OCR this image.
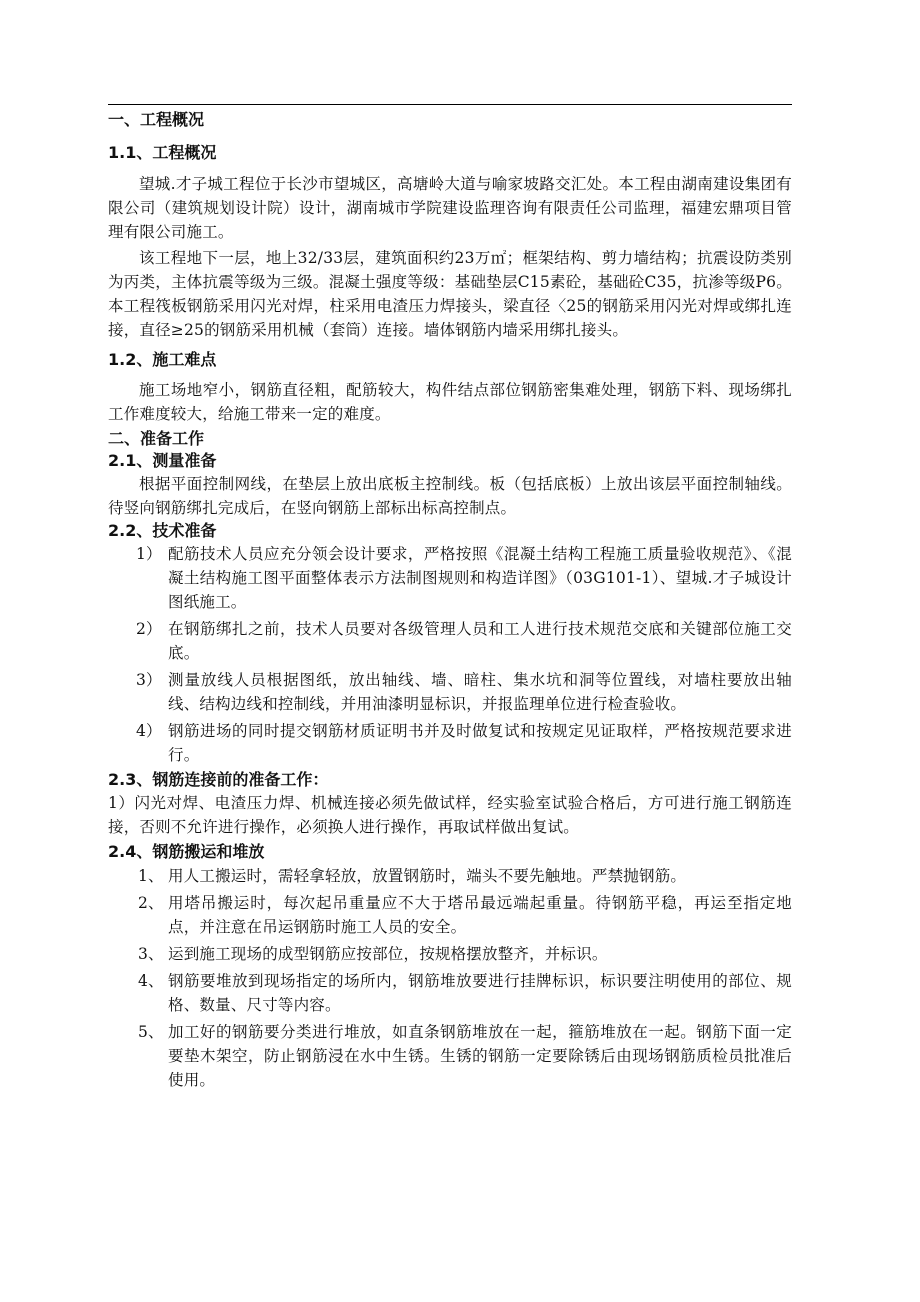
一、工程概况
1.1、工程概况

望城.才子城工程位于长沙市望城区，高塘岭大道与喻家坡路交汇处。本工程由湖南建设集团有限公司（建筑规划设计院）设计，湖南城市学院建设监理咨询有限责任公司监理，福建宏鼎项目管理有限公司施工。

该工程地下一层，地上32/33层，建筑面积约23万㎡；框架结构、剪力墙结构；抗震设防类别为丙类，主体抗震等级为三级。混凝土强度等级：基础垫层C15素砼，基础砼C35，抗渗等级P6。本工程筏板钢筋采用闪光对焊，柱采用电渣压力焊接头，梁直径〈25的钢筋采用闪光对焊或绑扎连接，直径≥25的钢筋采用机械（套筒）连接。墙体钢筋内墙采用绑扎接头。

1.2、施工难点

施工场地窄小，钢筋直径粗，配筋较大，构件结点部位钢筋密集难处理，钢筋下料、现场绑扎工作难度较大，给施工带来一定的难度。

二、准备工作
2.1、测量准备

根据平面控制网线，在垫层上放出底板主控制线。板（包括底板）上放出该层平面控制轴线。待竖向钢筋绑扎完成后，在竖向钢筋上部标出标高控制点。

2.2、技术准备
1） 配筋技术人员应充分领会设计要求，严格按照《混凝土结构工程施工质量验收规范》、《混凝土结构施工图平面整体表示方法制图规则和构造详图》（03G101-1）、望城.才子城设计图纸施工。
2） 在钢筋绑扎之前，技术人员要对各级管理人员和工人进行技术规范交底和关键部位施工交底。
3） 测量放线人员根据图纸，放出轴线、墙、暗柱、集水坑和洞等位置线，对墙柱要放出轴线、结构边线和控制线，并用油漆明显标识，并报监理单位进行检查验收。
4） 钢筋进场的同时提交钢筋材质证明书并及时做复试和按规定见证取样，严格按规范要求进行。
2.3、钢筋连接前的准备工作：

1）闪光对焊、电渣压力焊、机械连接必须先做试样，经实验室试验合格后，方可进行施工钢筋连接，否则不允许进行操作，必须换人进行操作，再取试样做出复试。

2.4、钢筋搬运和堆放
1、 用人工搬运时，需轻拿轻放，放置钢筋时，端头不要先触地。严禁抛钢筋。
2、 用塔吊搬运时，每次起吊重量应不大于塔吊最远端起重量。待钢筋平稳，再运至指定地点，并注意在吊运钢筋时施工人员的安全。
3、 运到施工现场的成型钢筋应按部位，按规格摆放整齐，并标识。
4、 钢筋要堆放到现场指定的场所内，钢筋堆放要进行挂牌标识，标识要注明使用的部位、规格、数量、尺寸等内容。
5、 加工好的钢筋要分类进行堆放，如直条钢筋堆放在一起，箍筋堆放在一起。钢筋下面一定要垫木架空，防止钢筋浸在水中生锈。生锈的钢筋一定要除锈后由现场钢筋质检员批准后使用。
